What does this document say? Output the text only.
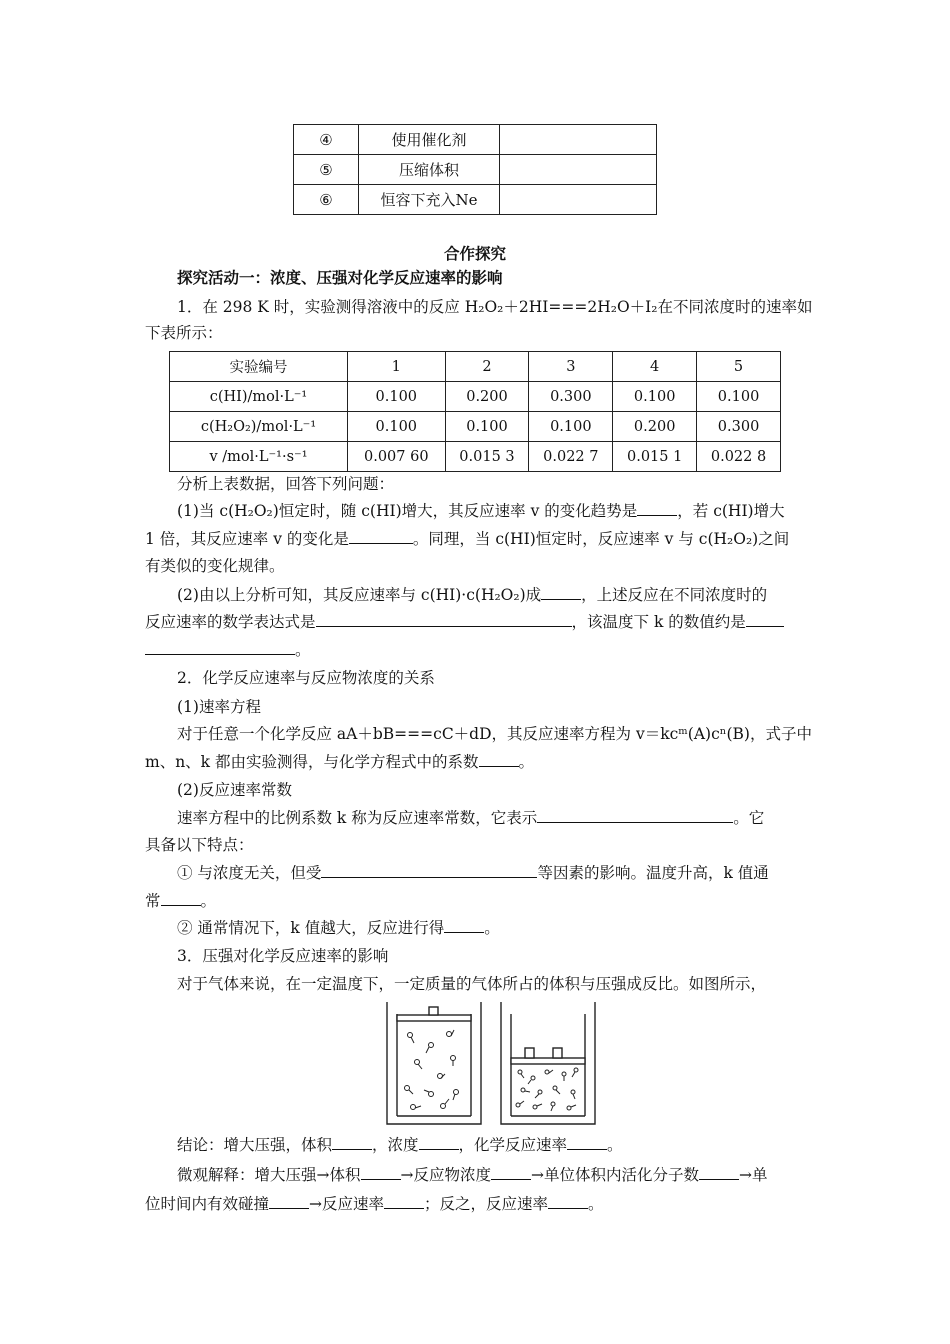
④	使用催化剂	
⑤	压缩体积	
⑥	恒容下充入Ne	
合作探究
探究活动一：浓度、压强对化学反应速率的影响
1．在 298 K 时，实验测得溶液中的反应 H₂O₂＋2HI===2H₂O＋I₂在不同浓度时的速率如
下表所示：
实验编号	1	2	3	4	5
c(HI)/mol·L⁻¹	0.100	0.200	0.300	0.100	0.100
c(H₂O₂)/mol·L⁻¹	0.100	0.100	0.100	0.200	0.300
v /mol·L⁻¹·s⁻¹	0.007 60	0.015 3	0.022 7	0.015 1	0.022 8
分析上表数据，回答下列问题：
(1)当 c(H₂O₂)恒定时，随 c(HI)增大，其反应速率 v 的变化趋势是	，若 c(HI)增大
1 倍，其反应速率 v 的变化是	。同理，当 c(HI)恒定时，反应速率 v 与 c(H₂O₂)之间
有类似的变化规律。
(2)由以上分析可知，其反应速率与 c(HI)·c(H₂O₂)成	，上述反应在不同浓度时的
反应速率的数学表达式是	，该温度下 k 的数值约是
。
2．化学反应速率与反应物浓度的关系
(1)速率方程
对于任意一个化学反应 aA＋bB===cC＋dD，其反应速率方程为 v＝kcᵐ(A)cⁿ(B)，式子中
m、n、k 都由实验测得，与化学方程式中的系数	。
(2)反应速率常数
速率方程中的比例系数 k 称为反应速率常数，它表示	。它
具备以下特点：
① 与浓度无关，但受	等因素的影响。温度升高，k 值通
常	。
② 通常情况下，k 值越大，反应进行得	。
3．压强对化学反应速率的影响
对于气体来说，在一定温度下，一定质量的气体所占的体积与压强成反比。如图所示，
结论：增大压强，体积	，浓度	，化学反应速率	。
微观解释：增大压强→体积	→反应物浓度	→单位体积内活化分子数	→单
位时间内有效碰撞	→反应速率	；反之，反应速率	。
